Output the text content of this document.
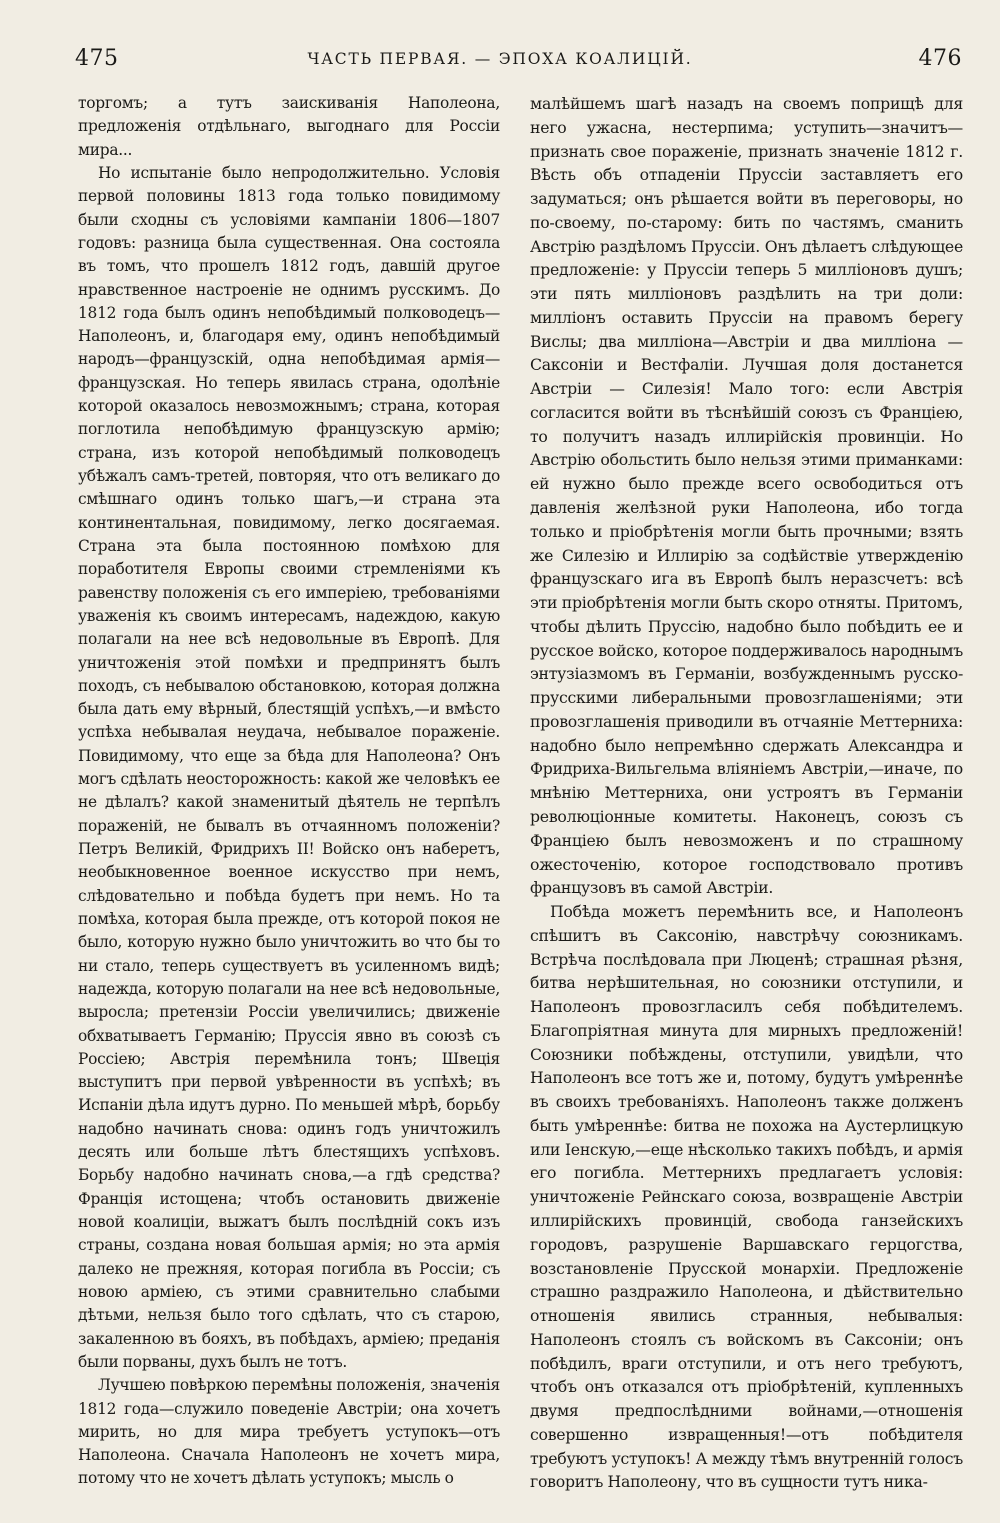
475	ЧАСТЬ ПЕРВАЯ. — ЭПОХА КОАЛИЦІЙ.	476

торгомъ; а тутъ заискиванія Наполеона, предложенія отдѣльнаго, выгоднаго для Россіи мира...

Но испытаніе было непродолжительно. Условія первой половины 1813 года только повидимому были сходны съ условіями кампаніи 1806—1807 годовъ: разница была существенная. Она состояла въ томъ, что прошелъ 1812 годъ, давшій другое нравственное настроеніе не однимъ русскимъ. До 1812 года былъ одинъ непобѣдимый полководецъ—Наполеонъ, и, благодаря ему, одинъ непобѣдимый народъ—французскій, одна непобѣдимая армія—французская. Но теперь явилась страна, одолѣніе которой оказалось невозможнымъ; страна, которая поглотила непобѣдимую французскую армію; страна, изъ которой непобѣдимый полководецъ убѣжалъ самъ-третей, повторяя, что отъ великаго до смѣшнаго одинъ только шагъ,—и страна эта континентальная, повидимому, легко досягаемая. Страна эта была постоянною помѣхою для поработителя Европы своими стремленіями къ равенству положенія съ его имперіею, требованіями уваженія къ своимъ интересамъ, надеждою, какую полагали на нее всѣ недовольные въ Европѣ. Для уничтоженія этой помѣхи и предпринятъ былъ походъ, съ небывалою обстановкою, которая должна была дать ему вѣрный, блестящій успѣхъ,—и вмѣсто успѣха небывалая неудача, небывалое пораженіе. Повидимому, что еще за бѣда для Наполеона? Онъ могъ сдѣлать неосторожность: какой же человѣкъ ее не дѣлалъ? какой знаменитый дѣятель не терпѣлъ пораженій, не бывалъ въ отчаянномъ положеніи? Петръ Великій, Фридрихъ II! Войско онъ наберетъ, необыкновенное военное искусство при немъ, слѣдовательно и побѣда будетъ при немъ. Но та помѣха, которая была прежде, отъ которой покоя не было, которую нужно было уничтожить во что бы то ни стало, теперь существуетъ въ усиленномъ видѣ; надежда, которую полагали на нее всѣ недовольные, выросла; претензіи Россіи увеличились; движеніе обхватываетъ Германію; Пруссія явно въ союзѣ съ Россіею; Австрія перемѣнила тонъ; Швеція выступитъ при первой увѣренности въ успѣхѣ; въ Испаніи дѣла идутъ дурно. По меньшей мѣрѣ, борьбу надобно начинать снова: одинъ годъ уничтожилъ десять или больше лѣтъ блестящихъ успѣховъ. Борьбу надобно начинать снова,—а гдѣ средства? Франція истощена; чтобъ остановить движеніе новой коалиціи, выжатъ былъ послѣдній сокъ изъ страны, создана новая большая армія; но эта армія далеко не прежняя, которая погибла въ Россіи; съ новою арміею, съ этими сравнительно слабыми дѣтьми, нельзя было того сдѣлать, что съ старою, закаленною въ бояхъ, въ побѣдахъ, арміею; преданія были порваны, духъ былъ не тотъ.

Лучшею повѣркою перемѣны положенія, значенія 1812 года—служило поведеніе Австріи; она хочетъ мирить, но для мира требуетъ уступокъ—отъ Наполеона. Сначала Наполеонъ не хочетъ мира, потому что не хочетъ дѣлать уступокъ; мысль о

малѣйшемъ шагѣ назадъ на своемъ поприщѣ для него ужасна, нестерпима; уступить—значитъ—признать свое пораженіе, признать значеніе 1812 г. Вѣсть объ отпаденіи Пруссіи заставляетъ его задуматься; онъ рѣшается войти въ переговоры, но по-своему, по-старому: бить по частямъ, сманить Австрію раздѣломъ Пруссіи. Онъ дѣлаетъ слѣдующее предложеніе: у Пруссіи теперь 5 милліоновъ душъ; эти пять милліоновъ раздѣлить на три доли: милліонъ оставить Пруссіи на правомъ берегу Вислы; два милліона—Австріи и два милліона — Саксоніи и Вестфаліи. Лучшая доля достанется Австріи — Силезія! Мало того: если Австрія согласится войти въ тѣснѣйшій союзъ съ Франціею, то получитъ назадъ иллирійскія провинціи. Но Австрію обольстить было нельзя этими приманками: ей нужно было прежде всего освободиться отъ давленія желѣзной руки Наполеона, ибо тогда только и пріобрѣтенія могли быть прочными; взять же Силезію и Иллирію за содѣйствіе утвержденію французскаго ига въ Европѣ былъ неразсчетъ: всѣ эти пріобрѣтенія могли быть скоро отняты. Притомъ, чтобы дѣлить Пруссію, надобно было побѣдить ее и русское войско, которое поддерживалось народнымъ энтузіазмомъ въ Германіи, возбужденнымъ русско-прусскими либеральными провозглашеніями; эти провозглашенія приводили въ отчаяніе Меттерниха: надобно было непремѣнно сдержать Александра и Фридриха-Вильгельма вліяніемъ Австріи,—иначе, по мнѣнію Меттерниха, они устроятъ въ Германіи революціонные комитеты. Наконецъ, союзъ съ Франціею былъ невозможенъ и по страшному ожесточенію, которое господствовало противъ французовъ въ самой Австріи.

Побѣда можетъ перемѣнить все, и Наполеонъ спѣшитъ въ Саксонію, навстрѣчу союзникамъ. Встрѣча послѣдовала при Люценѣ; страшная рѣзня, битва нерѣшительная, но союзники отступили, и Наполеонъ провозгласилъ себя побѣдителемъ. Благопріятная минута для мирныхъ предложеній! Союзники побѣждены, отступили, увидѣли, что Наполеонъ все тотъ же и, потому, будутъ умѣреннѣе въ своихъ требованіяхъ. Наполеонъ также долженъ быть умѣреннѣе: битва не похожа на Аустерлицкую или Іенскую,—еще нѣсколько такихъ побѣдъ, и армія его погибла. Меттернихъ предлагаетъ условія: уничтоженіе Рейнскаго союза, возвращеніе Австріи иллирійскихъ провинцій, свобода ганзейскихъ городовъ, разрушеніе Варшавскаго герцогства, возстановленіе Прусской монархіи. Предложеніе страшно раздражило Наполеона, и дѣйствительно отношенія явились странныя, небывалыя: Наполеонъ стоялъ съ войскомъ въ Саксоніи; онъ побѣдилъ, враги отступили, и отъ него требуютъ, чтобъ онъ отказался отъ пріобрѣтеній, купленныхъ двумя предпослѣдними войнами,—отношенія совершенно извращенныя!—отъ побѣдителя требуютъ уступокъ! А между тѣмъ внутренній голосъ говоритъ Наполеону, что въ сущности тутъ ника-
